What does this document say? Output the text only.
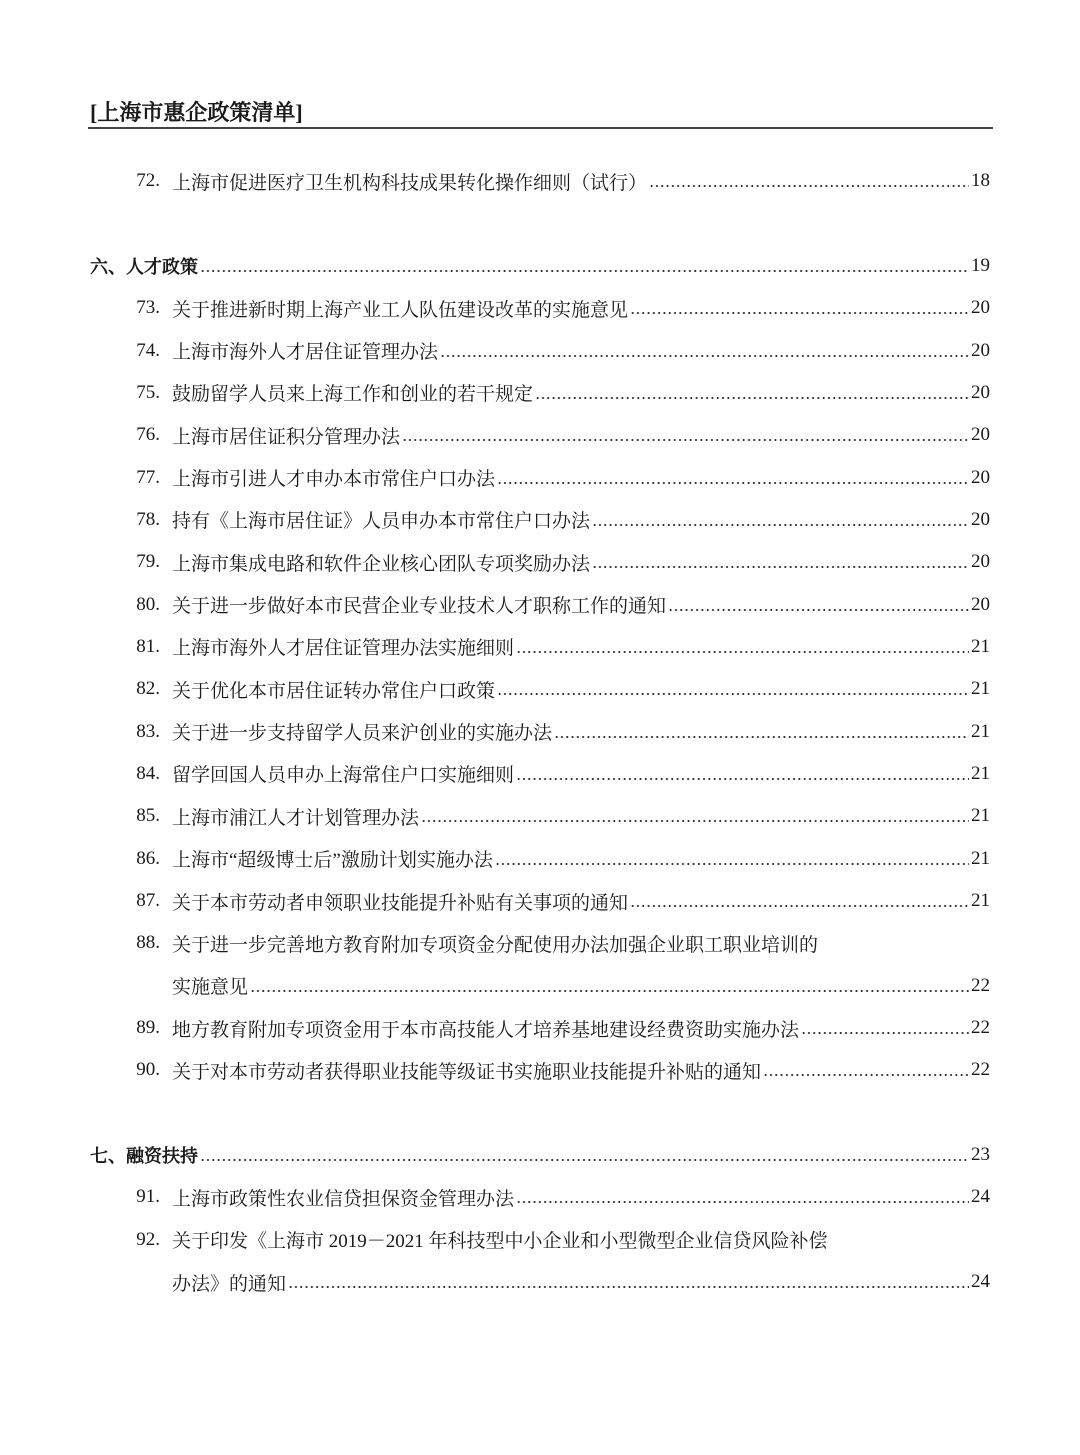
[上海市惠企政策清单]
72. 上海市促进医疗卫生机构科技成果转化操作细则（试行）	18
六、人才政策	19
73. 关于推进新时期上海产业工人队伍建设改革的实施意见	20
74. 上海市海外人才居住证管理办法	20
75. 鼓励留学人员来上海工作和创业的若干规定	20
76. 上海市居住证积分管理办法	20
77. 上海市引进人才申办本市常住户口办法	20
78. 持有《上海市居住证》人员申办本市常住户口办法	20
79. 上海市集成电路和软件企业核心团队专项奖励办法	20
80. 关于进一步做好本市民营企业专业技术人才职称工作的通知	20
81. 上海市海外人才居住证管理办法实施细则	21
82. 关于优化本市居住证转办常住户口政策	21
83. 关于进一步支持留学人员来沪创业的实施办法	21
84. 留学回国人员申办上海常住户口实施细则	21
85. 上海市浦江人才计划管理办法	21
86. 上海市“超级博士后”激励计划实施办法	21
87. 关于本市劳动者申领职业技能提升补贴有关事项的通知	21
88. 关于进一步完善地方教育附加专项资金分配使用办法加强企业职工职业培训的
实施意见	22
89. 地方教育附加专项资金用于本市高技能人才培养基地建设经费资助实施办法	22
90. 关于对本市劳动者获得职业技能等级证书实施职业技能提升补贴的通知	22
七、融资扶持	23
91. 上海市政策性农业信贷担保资金管理办法	24
92. 关于印发《上海市 2019－2021 年科技型中小企业和小型微型企业信贷风险补偿
办法》的通知	24
